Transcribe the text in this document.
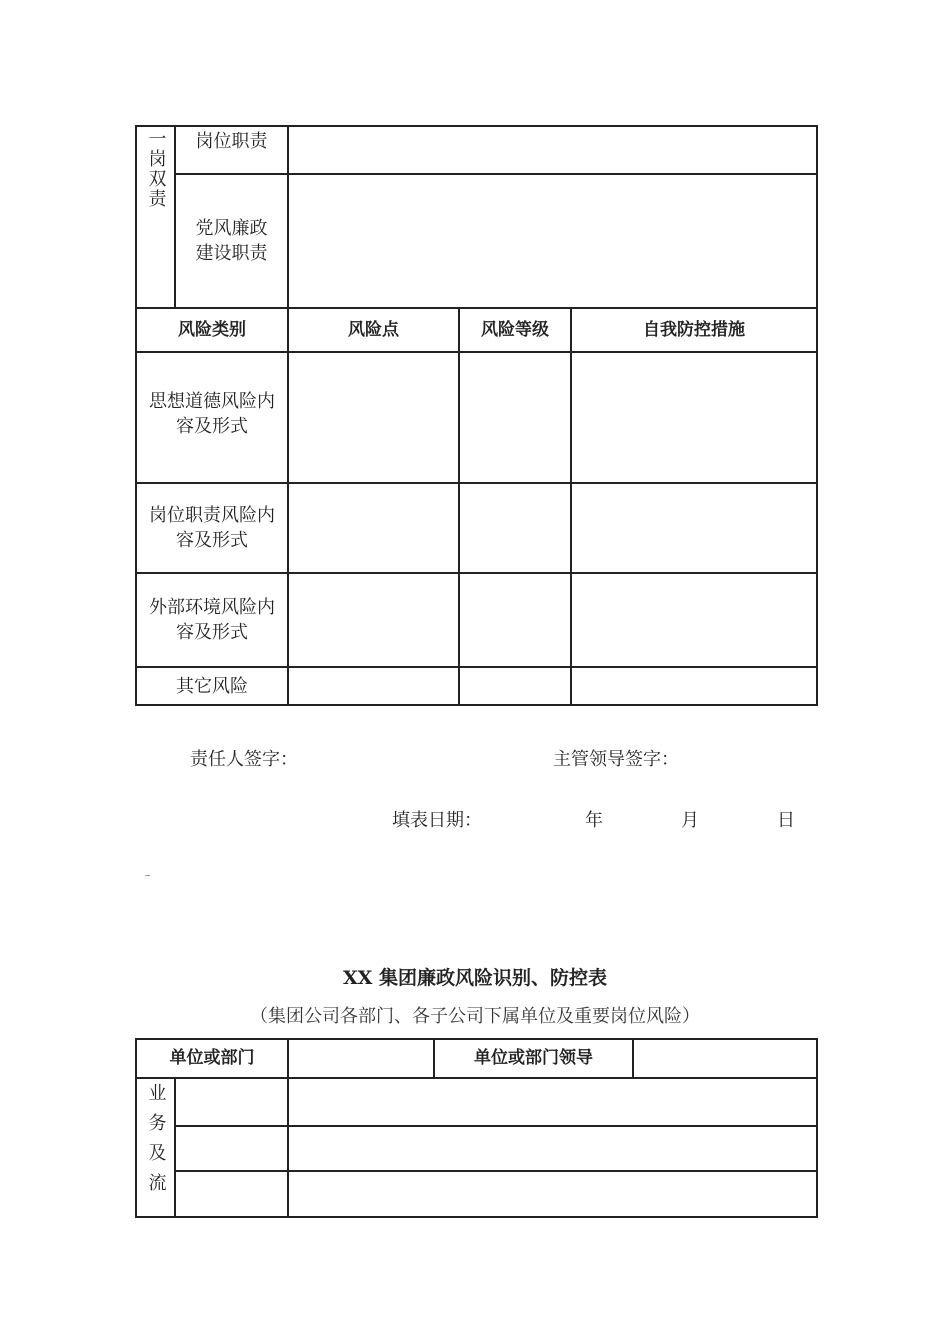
一岗双责	岗位职责			

	党风廉政建设职责			

风险类别		风险点	风险等级	自我防控措施

思想道德风险内容及形式				

岗位职责风险内容及形式				

外部环境风险内容及形式				

其它风险				
责任人签字：	主管领导签字：
填表日期：	年	月	日
XX 集团廉政风险识别、防控表
（集团公司各部门、各子公司下属单位及重要岗位风险）
单位或部门			单位或部门领导	

业务及流				
